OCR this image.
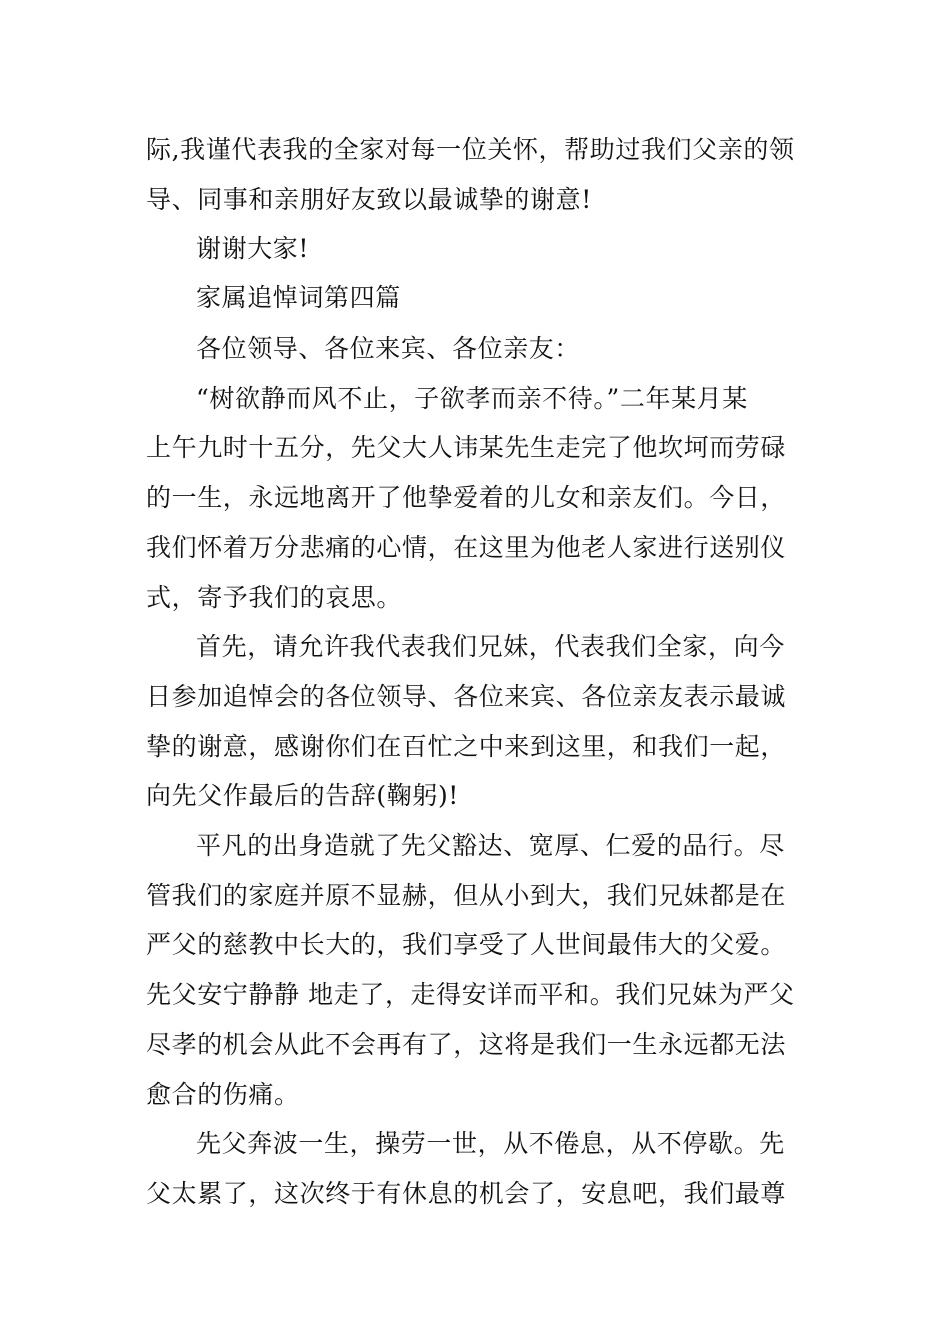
际,我谨代表我的全家对每一位关怀，帮助过我们父亲的领
导、同事和亲朋好友致以最诚挚的谢意!
谢谢大家!
家属追悼词第四篇
各位领导、各位来宾、各位亲友：
“树欲静而风不止，子欲孝而亲不待。”二年某月某
上午九时十五分，先父大人讳某先生走完了他坎坷而劳碌
的一生，永远地离开了他挚爱着的儿女和亲友们。今日，
我们怀着万分悲痛的心情，在这里为他老人家进行送别仪
式，寄予我们的哀思。
首先，请允许我代表我们兄妹，代表我们全家，向今
日参加追悼会的各位领导、各位来宾、各位亲友表示最诚
挚的谢意，感谢你们在百忙之中来到这里，和我们一起，
向先父作最后的告辞(鞠躬)!
平凡的出身造就了先父豁达、宽厚、仁爱的品行。尽
管我们的家庭并原不显赫，但从小到大，我们兄妹都是在
严父的慈教中长大的，我们享受了人世间最伟大的父爱。
先父安宁静静 地走了，走得安详而平和。我们兄妹为严父
尽孝的机会从此不会再有了，这将是我们一生永远都无法
愈合的伤痛。
先父奔波一生，操劳一世，从不倦息，从不停歇。先
父太累了，这次终于有休息的机会了，安息吧，我们最尊
